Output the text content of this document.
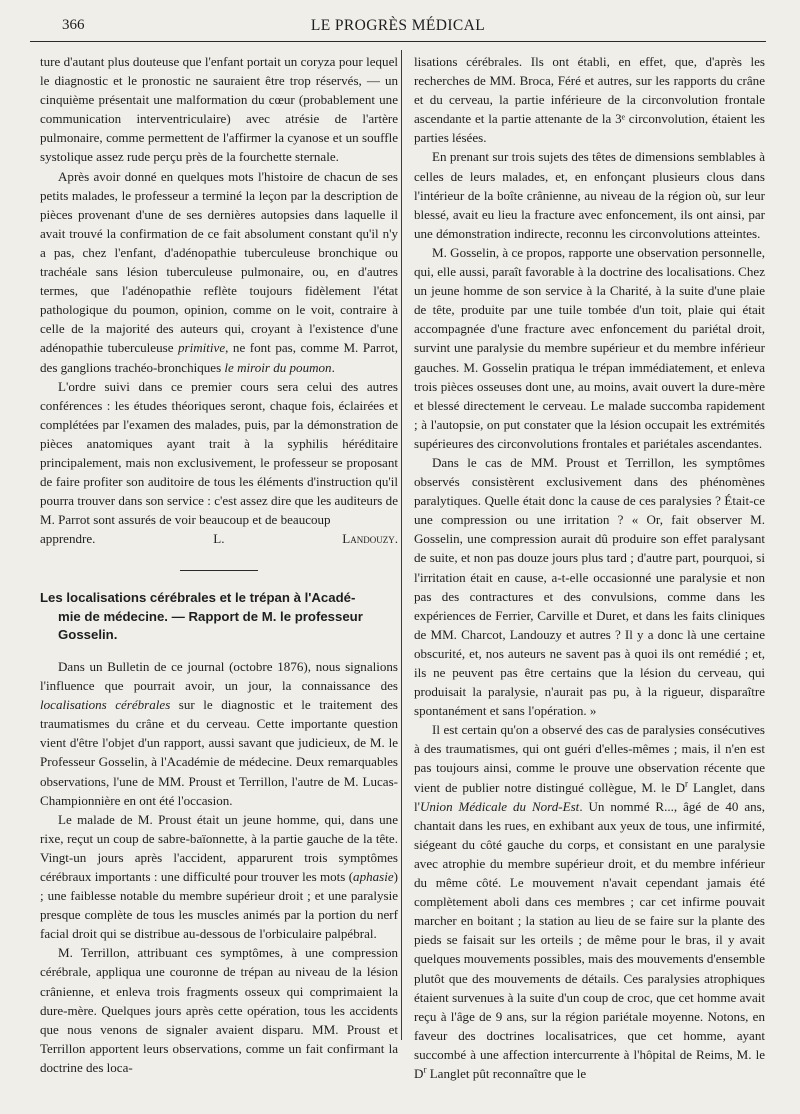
366	LE PROGRÈS MÉDICAL

ture d'autant plus douteuse que l'enfant portait un coryza pour lequel le diagnostic et le pronostic ne sauraient être trop réservés, — un cinquième présentait une malformation du cœur (probablement une communication interventriculaire) avec atrésie de l'artère pulmonaire, comme permettent de l'affirmer la cyanose et un souffle systolique assez rude perçu près de la fourchette sternale.

Après avoir donné en quelques mots l'histoire de chacun de ses petits malades, le professeur a terminé la leçon par la description de pièces provenant d'une de ses dernières autopsies dans laquelle il avait trouvé la confirmation de ce fait absolument constant qu'il n'y a pas, chez l'enfant, d'adénopathie tuberculeuse bronchique ou trachéale sans lésion tuberculeuse pulmonaire, ou, en d'autres termes, que l'adénopathie reflète toujours fidèlement l'état pathologique du poumon, opinion, comme on le voit, contraire à celle de la majorité des auteurs qui, croyant à l'existence d'une adénopathie tuberculeuse primitive, ne font pas, comme M. Parrot, des ganglions trachéo-bronchiques le miroir du poumon.

L'ordre suivi dans ce premier cours sera celui des autres conférences : les études théoriques seront, chaque fois, éclairées et complétées par l'examen des malades, puis, par la démonstration de pièces anatomiques ayant trait à la syphilis héréditaire principalement, mais non exclusivement, le professeur se proposant de faire profiter son auditoire de tous les éléments d'instruction qu'il pourra trouver dans son service : c'est assez dire que les auditeurs de M. Parrot sont assurés de voir beaucoup et de beaucoup

apprendre.	L. Landouzy.
Les localisations cérébrales et le trépan à l'Acadé-
mie de médecine. — Rapport de M. le professeur
Gosselin.

Dans un Bulletin de ce journal (octobre 1876), nous signalions l'influence que pourrait avoir, un jour, la connaissance des localisations cérébrales sur le diagnostic et le traitement des traumatismes du crâne et du cerveau. Cette importante question vient d'être l'objet d'un rapport, aussi savant que judicieux, de M. le Professeur Gosselin, à l'Académie de médecine. Deux remarquables observations, l'une de MM. Proust et Terrillon, l'autre de M. Lucas-Championnière en ont été l'occasion.

Le malade de M. Proust était un jeune homme, qui, dans une rixe, reçut un coup de sabre-baïonnette, à la partie gauche de la tête. Vingt-un jours après l'accident, apparurent trois symptômes cérébraux importants : une difficulté pour trouver les mots (aphasie) ; une faiblesse notable du membre supérieur droit ; et une paralysie presque complète de tous les muscles animés par la portion du nerf facial droit qui se distribue au-dessous de l'orbiculaire palpébral.

M. Terrillon, attribuant ces symptômes, à une compression cérébrale, appliqua une couronne de trépan au niveau de la lésion crânienne, et enleva trois fragments osseux qui comprimaient la dure-mère. Quelques jours après cette opération, tous les accidents que nous venons de signaler avaient disparu. MM. Proust et Terrillon apportent leurs observations, comme un fait confirmant la doctrine des loca-

lisations cérébrales. Ils ont établi, en effet, que, d'après les recherches de MM. Broca, Féré et autres, sur les rapports du crâne et du cerveau, la partie inférieure de la circonvolution frontale ascendante et la partie attenante de la 3ᵉ circonvolution, étaient les parties lésées.

En prenant sur trois sujets des têtes de dimensions semblables à celles de leurs malades, et, en enfonçant plusieurs clous dans l'intérieur de la boîte crânienne, au niveau de la région où, sur leur blessé, avait eu lieu la fracture avec enfoncement, ils ont ainsi, par une démonstration indirecte, reconnu les circonvolutions atteintes.

M. Gosselin, à ce propos, rapporte une observation personnelle, qui, elle aussi, paraît favorable à la doctrine des localisations. Chez un jeune homme de son service à la Charité, à la suite d'une plaie de tête, produite par une tuile tombée d'un toit, plaie qui était accompagnée d'une fracture avec enfoncement du pariétal droit, survint une paralysie du membre supérieur et du membre inférieur gauches. M. Gosselin pratiqua le trépan immédiatement, et enleva trois pièces osseuses dont une, au moins, avait ouvert la dure-mère et blessé directement le cerveau. Le malade succomba rapidement ; à l'autopsie, on put constater que la lésion occupait les extrémités supérieures des circonvolutions frontales et pariétales ascendantes.

Dans le cas de MM. Proust et Terrillon, les symptômes observés consistèrent exclusivement dans des phénomènes paralytiques. Quelle était donc la cause de ces paralysies ? Était-ce une compression ou une irritation ? « Or, fait observer M. Gosselin, une compression aurait dû produire son effet paralysant de suite, et non pas douze jours plus tard ; d'autre part, pourquoi, si l'irritation était en cause, a-t-elle occasionné une paralysie et non pas des contractures et des convulsions, comme dans les expériences de Ferrier, Carville et Duret, et dans les faits cliniques de MM. Charcot, Landouzy et autres ? Il y a donc là une certaine obscurité, et, nos auteurs ne savent pas à quoi ils ont remédié ; et, ils ne peuvent pas être certains que la lésion du cerveau, qui produisait la paralysie, n'aurait pas pu, à la rigueur, disparaître spontanément et sans l'opération. »

Il est certain qu'on a observé des cas de paralysies consécutives à des traumatismes, qui ont guéri d'elles-mêmes ; mais, il n'en est pas toujours ainsi, comme le prouve une observation récente que vient de publier notre distingué collègue, M. le $D^r$ Langlet, dans l'Union Médicale du Nord-Est. Un nommé R..., âgé de 40 ans, chantait dans les rues, en exhibant aux yeux de tous, une infirmité, siégeant du côté gauche du corps, et consistant en une paralysie avec atrophie du membre supérieur droit, et du membre inférieur du même côté. Le mouvement n'avait cependant jamais été complètement aboli dans ces membres ; car cet infirme pouvait marcher en boitant ; la station au lieu de se faire sur la plante des pieds se faisait sur les orteils ; de même pour le bras, il y avait quelques mouvements possibles, mais des mouvements d'ensemble plutôt que des mouvements de détails. Ces paralysies atrophiques étaient survenues à la suite d'un coup de croc, que cet homme avait reçu à l'âge de 9 ans, sur la région pariétale moyenne. Notons, en faveur des doctrines localisatrices, que cet homme, ayant succombé à une affection intercurrente à l'hôpital de Reims, M. le $D^r$ Langlet pût reconnaître que le
